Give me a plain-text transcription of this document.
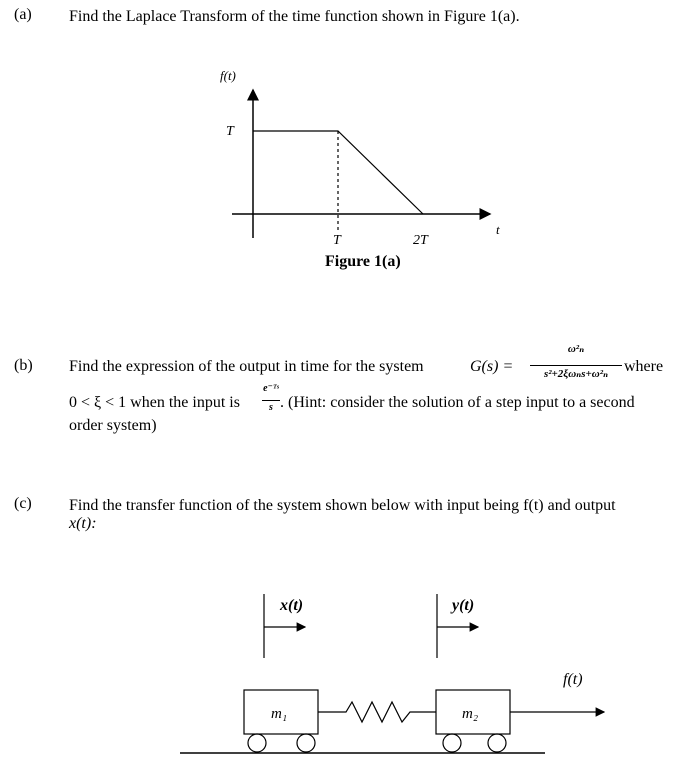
(a) Find the Laplace Transform of the time function shown in Figure 1(a).
f(t)
T
t
T	2T
Figure 1(a)
(b) Find the expression of the output in time for the system	G(s) =
ω²ₙ
s²+2ξωₙs+ω²ₙ where
0 < ξ < 1 when the input is
e⁻ᵀˢ
s . (Hint: consider the solution of a step input to a second
order system)
(c) Find the transfer function of the system shown below with input being f(t) and output
x(t):
x(t)	y(t)
m₁	m₂
f(t)
